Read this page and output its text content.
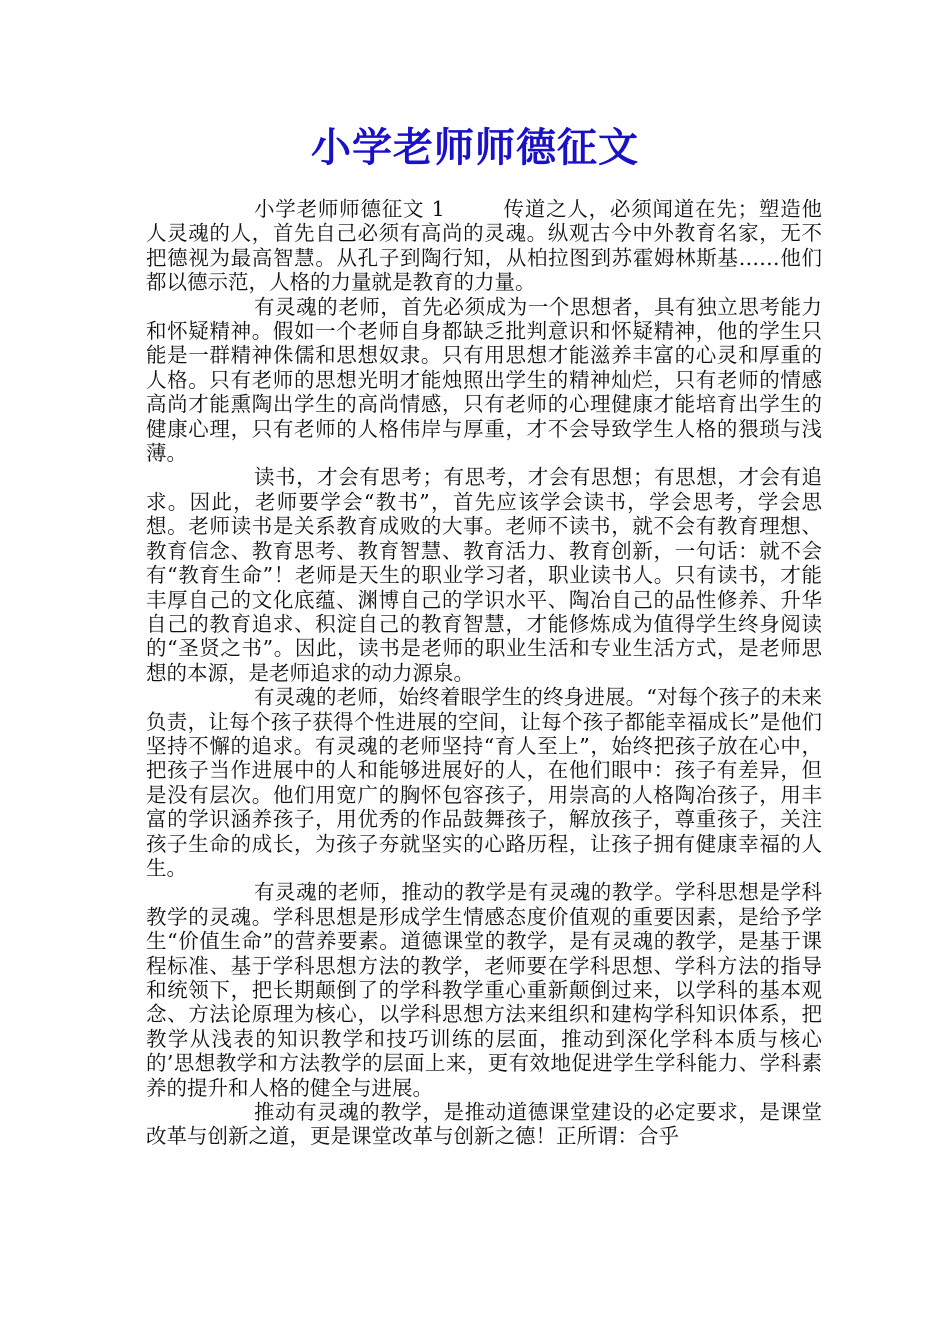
小学老师师德征文

小学老师师德征文 1	传道之人，必须闻道在先；塑造他人灵魂的人，首先自己必须有高尚的灵魂。纵观古今中外教育名家，无不把德视为最高智慧。从孔子到陶行知，从柏拉图到苏霍姆林斯基……他们都以德示范，人格的力量就是教育的力量。

有灵魂的老师，首先必须成为一个思想者，具有独立思考能力和怀疑精神。假如一个老师自身都缺乏批判意识和怀疑精神，他的学生只能是一群精神侏儒和思想奴隶。只有用思想才能滋养丰富的心灵和厚重的人格。只有老师的思想光明才能烛照出学生的精神灿烂，只有老师的情感高尚才能熏陶出学生的高尚情感，只有老师的心理健康才能培育出学生的健康心理，只有老师的人格伟岸与厚重，才不会导致学生人格的猥琐与浅薄。

读书，才会有思考；有思考，才会有思想；有思想，才会有追求。因此，老师要学会“教书”，首先应该学会读书，学会思考，学会思想。老师读书是关系教育成败的大事。老师不读书，就不会有教育理想、教育信念、教育思考、教育智慧、教育活力、教育创新，一句话：就不会有“教育生命”！老师是天生的职业学习者，职业读书人。只有读书，才能丰厚自己的文化底蕴、渊博自己的学识水平、陶冶自己的品性修养、升华自己的教育追求、积淀自己的教育智慧，才能修炼成为值得学生终身阅读的“圣贤之书”。因此，读书是老师的职业生活和专业生活方式，是老师思想的本源，是老师追求的动力源泉。

有灵魂的老师，始终着眼学生的终身进展。“对每个孩子的未来负责，让每个孩子获得个性进展的空间，让每个孩子都能幸福成长”是他们坚持不懈的追求。有灵魂的老师坚持“育人至上”，始终把孩子放在心中，把孩子当作进展中的人和能够进展好的人，在他们眼中：孩子有差异，但是没有层次。他们用宽广的胸怀包容孩子，用崇高的人格陶冶孩子，用丰富的学识涵养孩子，用优秀的作品鼓舞孩子，解放孩子，尊重孩子，关注孩子生命的成长，为孩子夯就坚实的心路历程，让孩子拥有健康幸福的人生。

有灵魂的老师，推动的教学是有灵魂的教学。学科思想是学科教学的灵魂。学科思想是形成学生情感态度价值观的重要因素，是给予学生“价值生命”的营养要素。道德课堂的教学，是有灵魂的教学，是基于课程标准、基于学科思想方法的教学，老师要在学科思想、学科方法的指导和统领下，把长期颠倒了的学科教学重心重新颠倒过来，以学科的基本观念、方法论原理为核心，以学科思想方法来组织和建构学科知识体系，把教学从浅表的知识教学和技巧训练的层面，推动到深化学科本质与核心的’思想教学和方法教学的层面上来，更有效地促进学生学科能力、学科素养的提升和人格的健全与进展。

推动有灵魂的教学，是推动道德课堂建设的必定要求，是课堂改革与创新之道，更是课堂改革与创新之德！正所谓：合乎
